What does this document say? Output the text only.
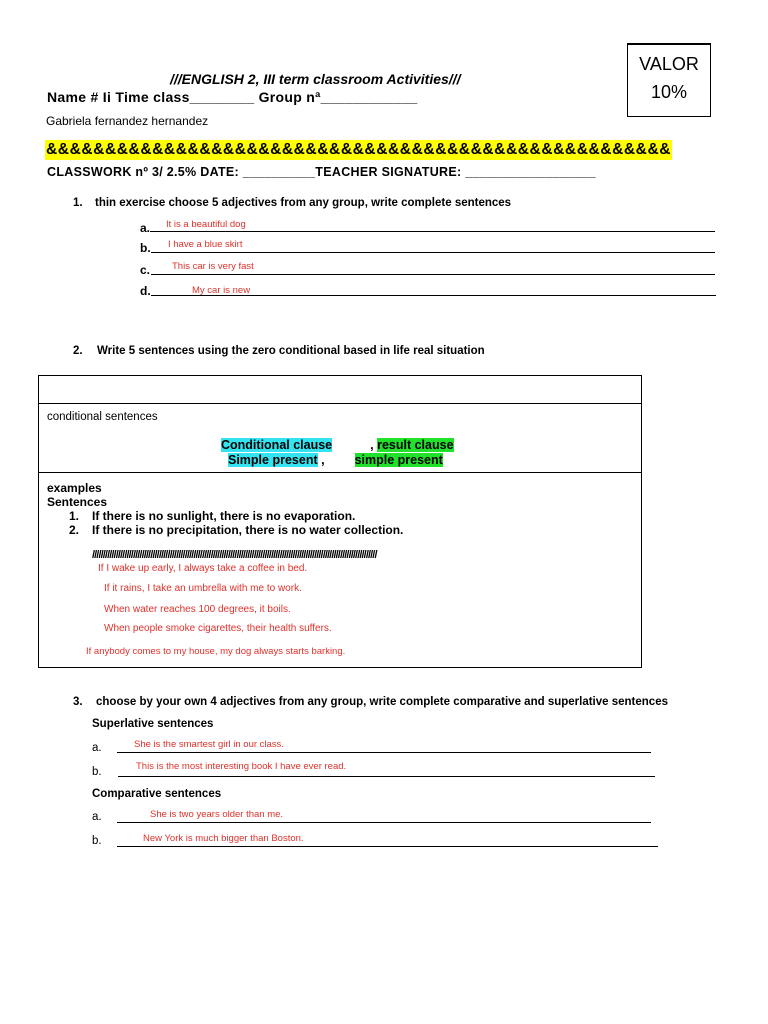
VALOR
10%
///ENGLISH 2, III term classroom Activities///
Name # Ii Time class________ Group nª____________
Gabriela fernandez hernandez
&&&&&&&&&&&&&&&&&&&&&&&&&&&&&&&&&&&&&&&&&&&&&&&&&&&&&
CLASSWORK nº 3/ 2.5% DATE: __________TEACHER SIGNATURE: __________________
1. thin exercise choose 5 adjectives from any group, write complete sentences
a. It is a beautiful dog
b. I have a blue skirt
c. This car is very fast
d.	My car is new
2. Write 5 sentences using the zero conditional based in life real situation
conditional sentences
Conditional clause	, result clause
Simple present , simple present
examples
Sentences
1. If there is no sunlight, there is no evaporation.
2. If there is no precipitation, there is no water collection.
////////////////////////////////////////////////////////////////////////////////////////////////////////////////////////////////////
If I wake up early, I always take a coffee in bed.
If it rains, I take an umbrella with me to work.
When water reaches 100 degrees, it boils.
When people smoke cigarettes, their health suffers.
If anybody comes to my house, my dog always starts barking.
3. choose by your own 4 adjectives from any group, write complete comparative and superlative sentences
Superlative sentences
a.	She is the smartest girl in our class.
b.	This is the most interesting book I have ever read.
Comparative sentences
a.	She is two years older than me.
b.	New York is much bigger than Boston.
